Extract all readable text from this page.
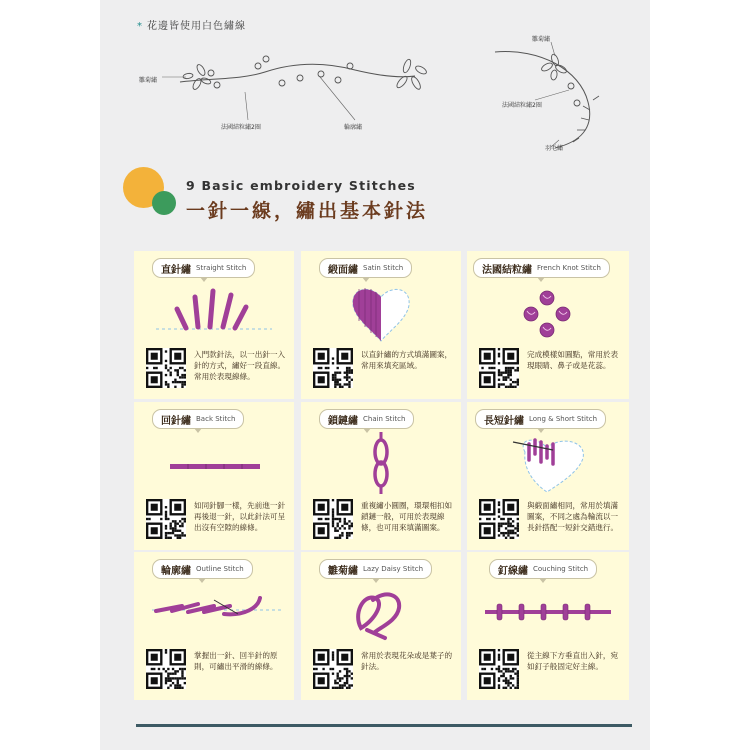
* 花邊皆使用白色繡線
雛菊繡
法國結粒繡2圈	輪廓繡
雛菊繡
法國結粒繡2圈
羽毛繡
9 Basic embroidery Stitches
一針一線，繡出基本針法
直針繡 Straight Stitch
入門款針法，以一出針一入針的方式，繡好一段直線。常用於表現線條。
緞面繡 Satin Stitch
以直針繡的方式填滿圖案，常用來填充區域。
法國結粒繡 French Knot Stitch
完成模樣如圓點，常用於表現眼睛、鼻子或是花蕊。
回針繡 Back Stitch
如同針腳一樣，先前進一針再後退一針，以此針法可呈出沒有空隙的線條。
鎖鏈繡 Chain Stitch
重複繡小圓圈，環環相扣如鎖鏈一般，可用於表現線條，也可用來填滿圖案。
長短針繡 Long & Short Stitch
與緞面繡相同，常用於填滿圖案，不同之處為輪流以一長針搭配一短針交錯進行。
輪廓繡 Outline Stitch
掌握出一針、回半針的原則，可繡出平滑的線條。
雛菊繡 Lazy Daisy Stitch
常用於表現花朵或是葉子的針法。
釘線繡 Couching Stitch
從主線下方垂直出入針，宛如釘子般固定好主線。
